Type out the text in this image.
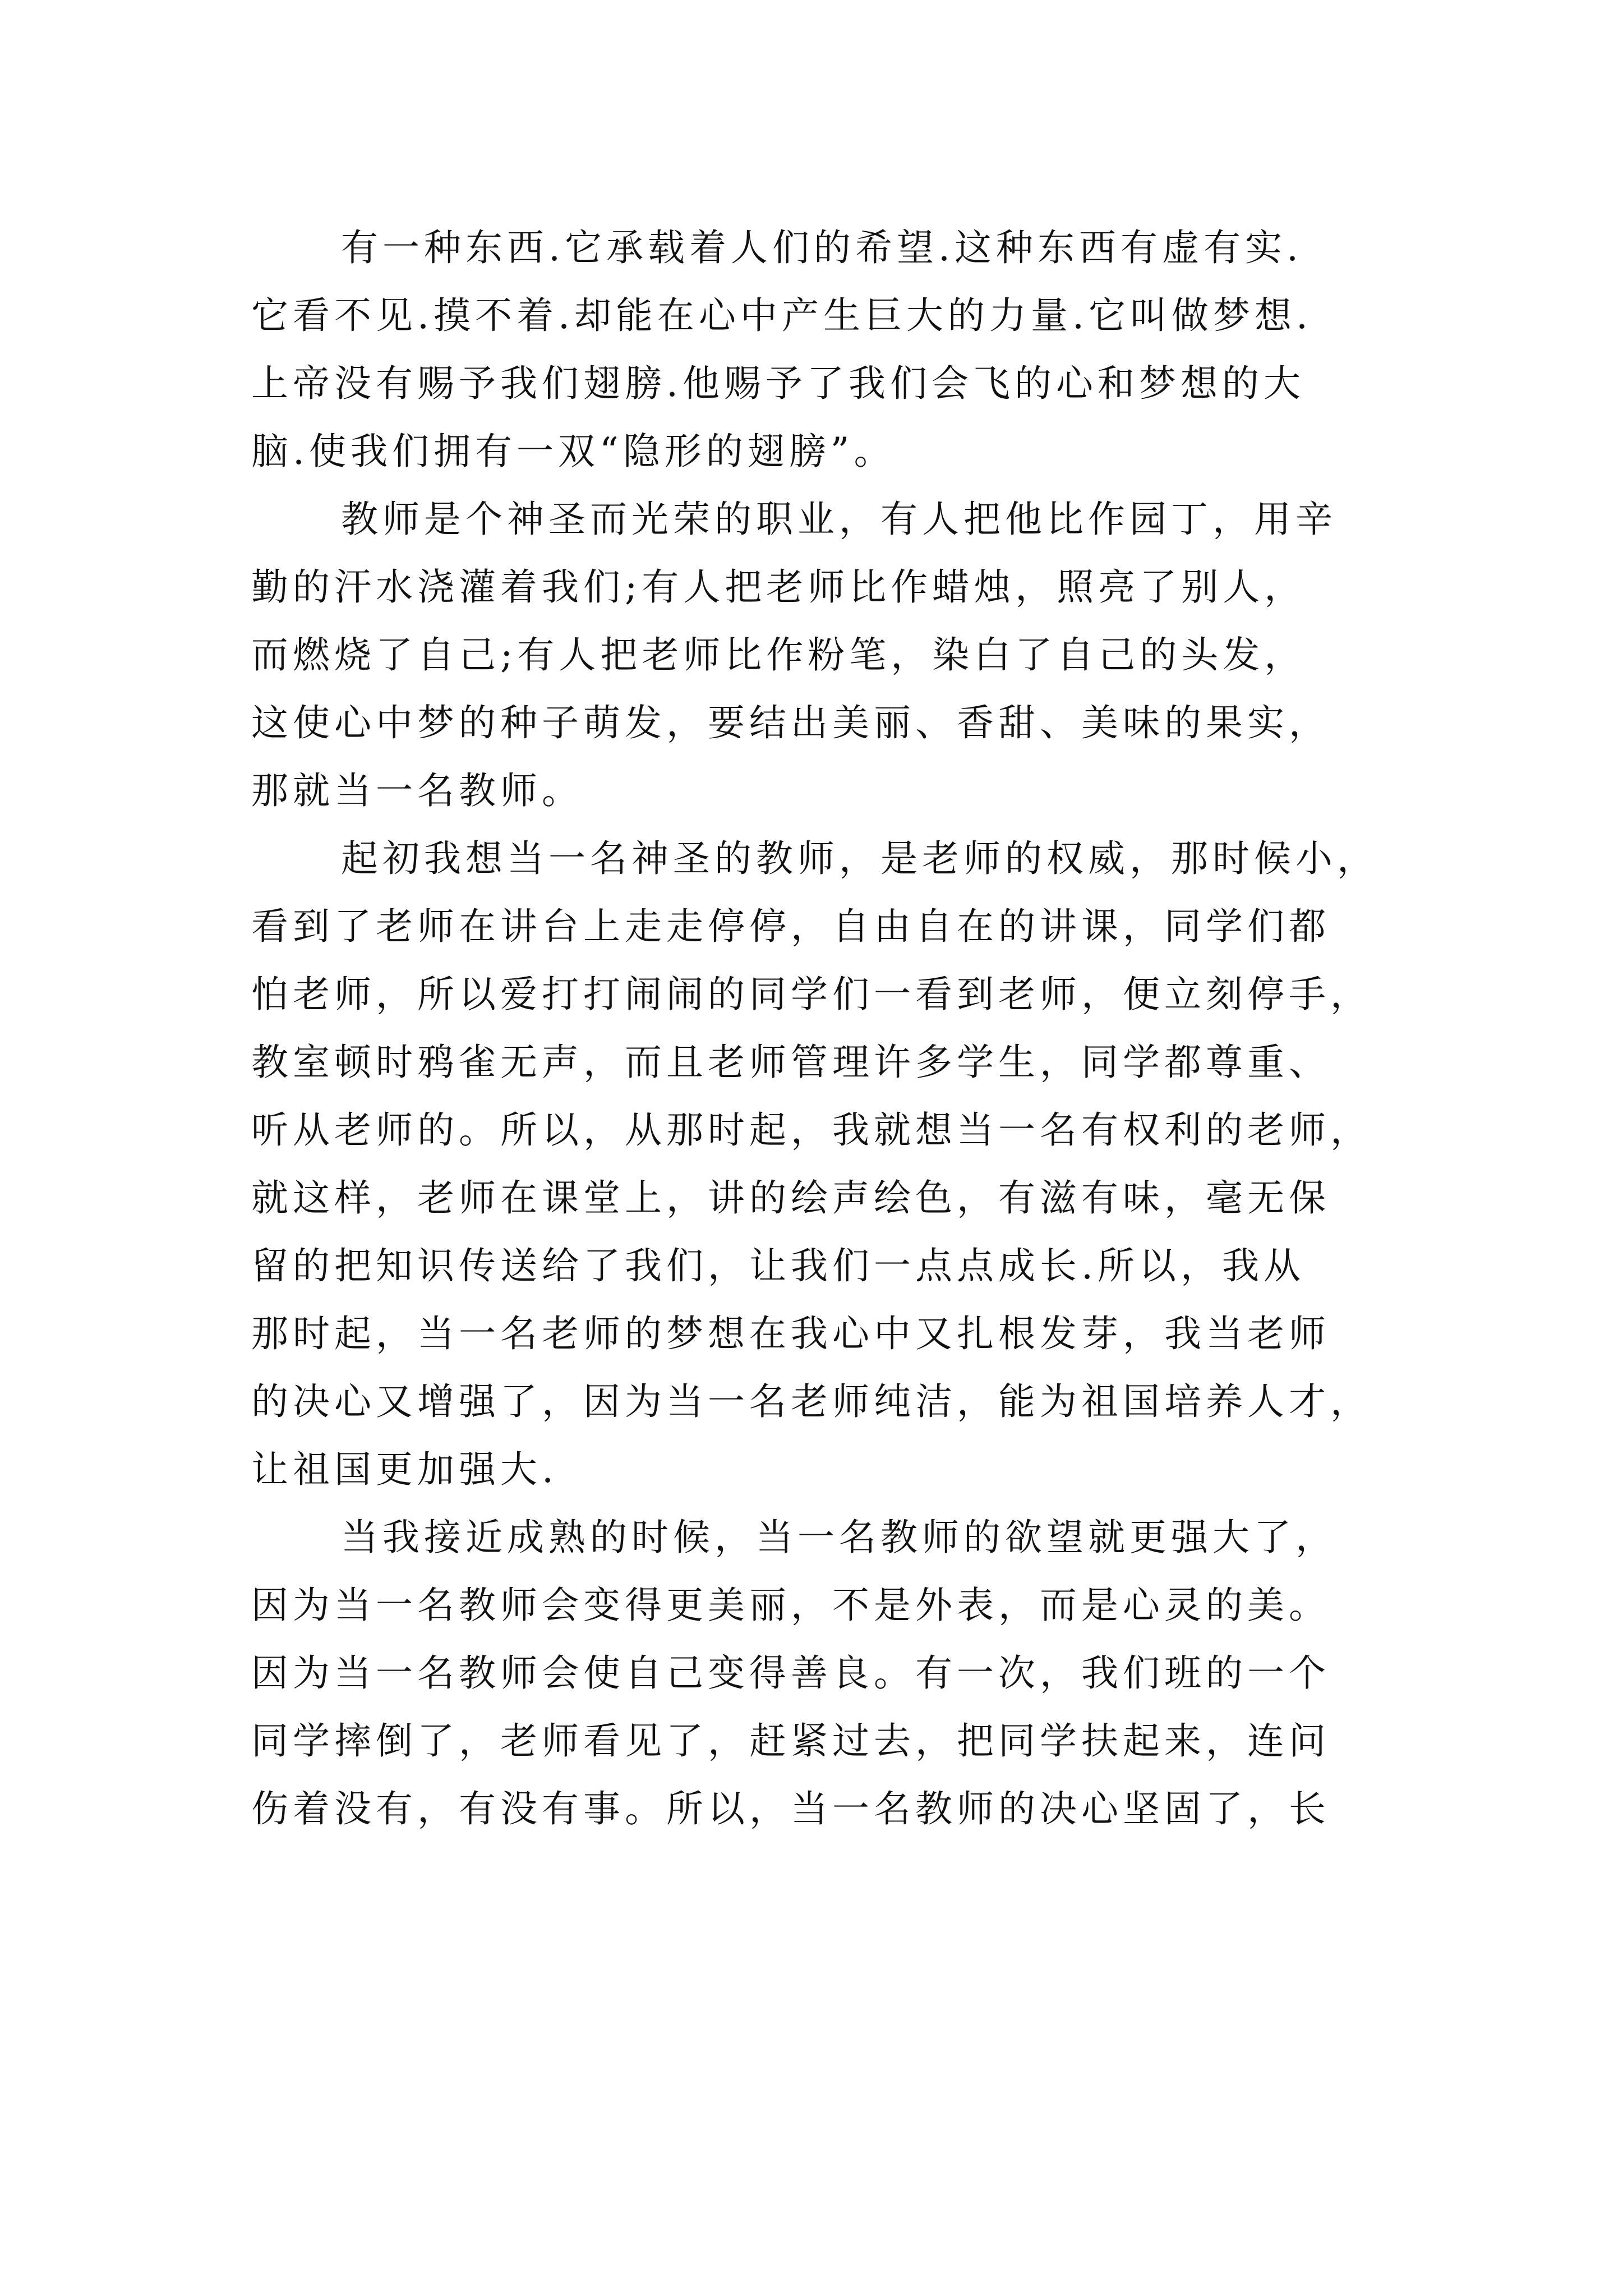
有一种东西.它承载着人们的希望.这种东西有虚有实.
它看不见.摸不着.却能在心中产生巨大的力量.它叫做梦想.
上帝没有赐予我们翅膀.他赐予了我们会飞的心和梦想的大
脑.使我们拥有一双“隐形的翅膀”。
教师是个神圣而光荣的职业，有人把他比作园丁，用辛
勤的汗水浇灌着我们;有人把老师比作蜡烛，照亮了别人，
而燃烧了自己;有人把老师比作粉笔，染白了自己的头发，
这使心中梦的种子萌发，要结出美丽、香甜、美味的果实，
那就当一名教师。
起初我想当一名神圣的教师，是老师的权威，那时候小，
看到了老师在讲台上走走停停，自由自在的讲课，同学们都
怕老师，所以爱打打闹闹的同学们一看到老师，便立刻停手，
教室顿时鸦雀无声，而且老师管理许多学生，同学都尊重、
听从老师的。所以，从那时起，我就想当一名有权利的老师，
就这样，老师在课堂上，讲的绘声绘色，有滋有味，毫无保
留的把知识传送给了我们，让我们一点点成长.所以，我从
那时起，当一名老师的梦想在我心中又扎根发芽，我当老师
的决心又增强了，因为当一名老师纯洁，能为祖国培养人才，
让祖国更加强大.
当我接近成熟的时候，当一名教师的欲望就更强大了，
因为当一名教师会变得更美丽，不是外表，而是心灵的美。
因为当一名教师会使自己变得善良。有一次，我们班的一个
同学摔倒了，老师看见了，赶紧过去，把同学扶起来，连问
伤着没有，有没有事。所以，当一名教师的决心坚固了，长
